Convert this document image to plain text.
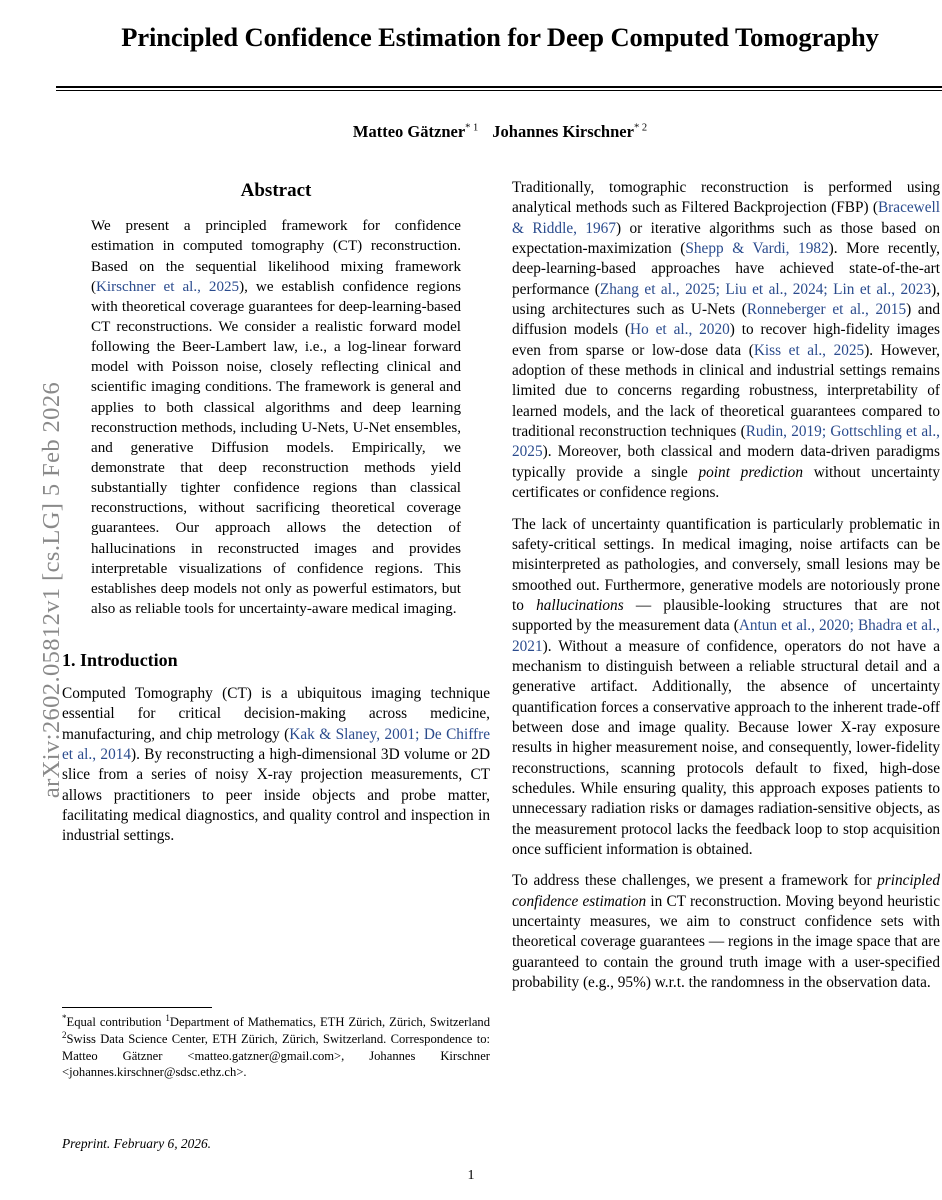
arXiv:2602.05812v1 [cs.LG] 5 Feb 2026
Principled Confidence Estimation for Deep Computed Tomography
Matteo Gätzner$^{* 1}$ Johannes Kirschner$^{* 2}$
Abstract
We present a principled framework for confidence estimation in computed tomography (CT) reconstruction. Based on the sequential likelihood mixing framework (Kirschner et al., 2025), we establish confidence regions with theoretical coverage guarantees for deep-learning-based CT reconstructions. We consider a realistic forward model following the Beer-Lambert law, i.e., a log-linear forward model with Poisson noise, closely reflecting clinical and scientific imaging conditions. The framework is general and applies to both classical algorithms and deep learning reconstruction methods, including U-Nets, U-Net ensembles, and generative Diffusion models. Empirically, we demonstrate that deep reconstruction methods yield substantially tighter confidence regions than classical reconstructions, without sacrificing theoretical coverage guarantees. Our approach allows the detection of hallucinations in reconstructed images and provides interpretable visualizations of confidence regions. This establishes deep models not only as powerful estimators, but also as reliable tools for uncertainty-aware medical imaging.
1. Introduction

Computed Tomography (CT) is a ubiquitous imaging technique essential for critical decision-making across medicine, manufacturing, and chip metrology (Kak & Slaney, 2001; De Chiffre et al., 2014). By reconstructing a high-dimensional 3D volume or 2D slice from a series of noisy X-ray projection measurements, CT allows practitioners to peer inside objects and probe matter, facilitating medical diagnostics, and quality control and inspection in industrial settings.

Traditionally, tomographic reconstruction is performed using analytical methods such as Filtered Backprojection (FBP) (Bracewell & Riddle, 1967) or iterative algorithms such as those based on expectation-maximization (Shepp & Vardi, 1982). More recently, deep-learning-based approaches have achieved state-of-the-art performance (Zhang et al., 2025; Liu et al., 2024; Lin et al., 2023), using architectures such as U-Nets (Ronneberger et al., 2015) and diffusion models (Ho et al., 2020) to recover high-fidelity images even from sparse or low-dose data (Kiss et al., 2025). However, adoption of these methods in clinical and industrial settings remains limited due to concerns regarding robustness, interpretability of learned models, and the lack of theoretical guarantees compared to traditional reconstruction techniques (Rudin, 2019; Gottschling et al., 2025). Moreover, both classical and modern data-driven paradigms typically provide a single point prediction without uncertainty certificates or confidence regions.

The lack of uncertainty quantification is particularly problematic in safety-critical settings. In medical imaging, noise artifacts can be misinterpreted as pathologies, and conversely, small lesions may be smoothed out. Furthermore, generative models are notoriously prone to hallucinations — plausible-looking structures that are not supported by the measurement data (Antun et al., 2020; Bhadra et al., 2021). Without a measure of confidence, operators do not have a mechanism to distinguish between a reliable structural detail and a generative artifact. Additionally, the absence of uncertainty quantification forces a conservative approach to the inherent trade-off between dose and image quality. Because lower X-ray exposure results in higher measurement noise, and consequently, lower-fidelity reconstructions, scanning protocols default to fixed, high-dose schedules. While ensuring quality, this approach exposes patients to unnecessary radiation risks or damages radiation-sensitive objects, as the measurement protocol lacks the feedback loop to stop acquisition once sufficient information is obtained.

To address these challenges, we present a framework for principled confidence estimation in CT reconstruction. Moving beyond heuristic uncertainty measures, we aim to construct confidence sets with theoretical coverage guarantees — regions in the image space that are guaranteed to contain the ground truth image with a user-specified probability (e.g., 95%) w.r.t. the randomness in the observation data.

*Equal contribution $^1$Department of Mathematics, ETH Zürich, Zürich, Switzerland $^2$Swiss Data Science Center, ETH Zürich, Zürich, Switzerland. Correspondence to: Matteo Gätzner <matteo.gatzner@gmail.com>, Johannes Kirschner <johannes.kirschner@sdsc.ethz.ch>.
Preprint. February 6, 2026.
1
